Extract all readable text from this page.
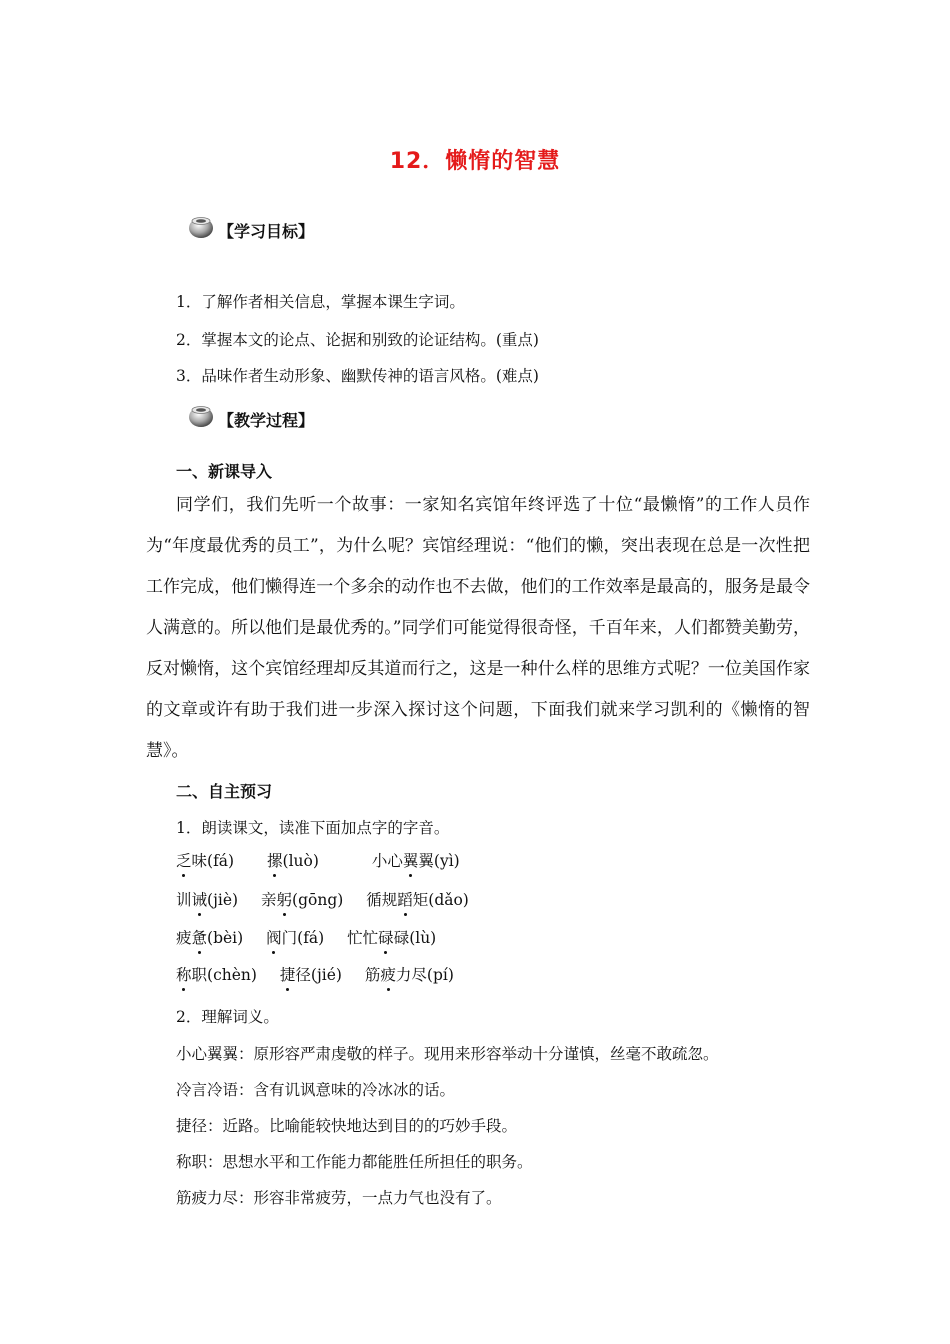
12．懒惰的智慧
【学习目标】
1．了解作者相关信息，掌握本课生字词。
2．掌握本文的论点、论据和别致的论证结构。(重点)
3．品味作者生动形象、幽默传神的语言风格。(难点)
【教学过程】
一、新课导入
同学们，我们先听一个故事：一家知名宾馆年终评选了十位“最懒惰”的工作人员作为“年度最优秀的员工”，为什么呢？宾馆经理说：“他们的懒，突出表现在总是一次性把工作完成，他们懒得连一个多余的动作也不去做，他们的工作效率是最高的，服务是最令人满意的。所以他们是最优秀的。”同学们可能觉得很奇怪，千百年来，人们都赞美勤劳，反对懒惰，这个宾馆经理却反其道而行之，这是一种什么样的思维方式呢？一位美国作家的文章或许有助于我们进一步深入探讨这个问题，下面我们就来学习凯利的《懒惰的智慧》。
二、自主预习
1．朗读课文，读准下面加点字的字音。
乏味(fá) 摞(luò)	小心翼翼(yì)
训诫(jiè) 亲躬(gōng) 循规蹈矩(dǎo)
疲惫(bèi) 阀门(fá) 忙忙碌碌(lù)
称职(chèn) 捷径(jié) 筋疲力尽(pí)
2．理解词义。
小心翼翼：原形容严肃虔敬的样子。现用来形容举动十分谨慎，丝毫不敢疏忽。
冷言冷语：含有讥讽意味的冷冰冰的话。
捷径：近路。比喻能较快地达到目的的巧妙手段。
称职：思想水平和工作能力都能胜任所担任的职务。
筋疲力尽：形容非常疲劳，一点力气也没有了。
